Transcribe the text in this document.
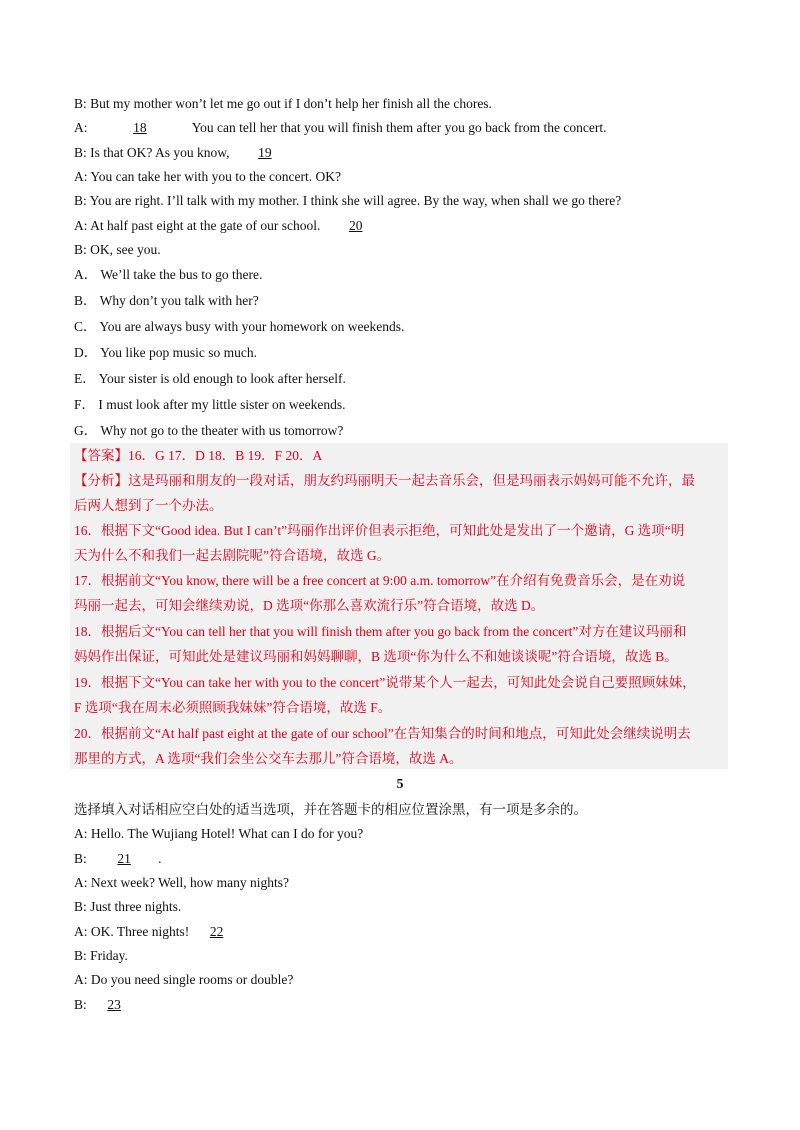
B: But my mother won’t let me go out if I don’t help her finish all the chores.
A:	18	You can tell her that you will finish them after you go back from the concert.
B: Is that OK? As you know, 19
A: You can take her with you to the concert. OK?
B: You are right. I’ll talk with my mother. I think she will agree. By the way, when shall we go there?
A: At half past eight at the gate of our school. 20
B: OK, see you.
A． We’ll take the bus to go there.
B． Why don’t you talk with her?
C． You are always busy with your homework on weekends.
D． You like pop music so much.
E． Your sister is old enough to look after herself.
F． I must look after my little sister on weekends.
G． Why not go to the theater with us tomorrow?
【答案】16．G 17．D 18．B 19．F 20．A
【分析】这是玛丽和朋友的一段对话，朋友约玛丽明天一起去音乐会，但是玛丽表示妈妈可能不允许，最
后两人想到了一个办法。
16．根据下文“Good idea. But I can’t”玛丽作出评价但表示拒绝，可知此处是发出了一个邀请，G 选项“明
天为什么不和我们一起去剧院呢”符合语境，故选 G。
17．根据前文“You know, there will be a free concert at 9:00 a.m. tomorrow”在介绍有免费音乐会，是在劝说
玛丽一起去，可知会继续劝说，D 选项“你那么喜欢流行乐”符合语境，故选 D。
18．根据后文“You can tell her that you will finish them after you go back from the concert”对方在建议玛丽和
妈妈作出保证，可知此处是建议玛丽和妈妈聊聊，B 选项“你为什么不和她谈谈呢”符合语境，故选 B。
19．根据下文“You can take her with you to the concert”说带某个人一起去，可知此处会说自己要照顾妹妹，
F 选项“我在周末必须照顾我妹妹”符合语境，故选 F。
20．根据前文“At half past eight at the gate of our school”在告知集合的时间和地点，可知此处会继续说明去
那里的方式，A 选项“我们会坐公交车去那儿”符合语境，故选 A。
5
选择填入对话相应空白处的适当选项，并在答题卡的相应位置涂黑，有一项是多余的。
A: Hello. The Wujiang Hotel! What can I do for you?
B: 21 .
A: Next week? Well, how many nights?
B: Just three nights.
A: OK. Three nights! 22
B: Friday.
A: Do you need single rooms or double?
B: 23
